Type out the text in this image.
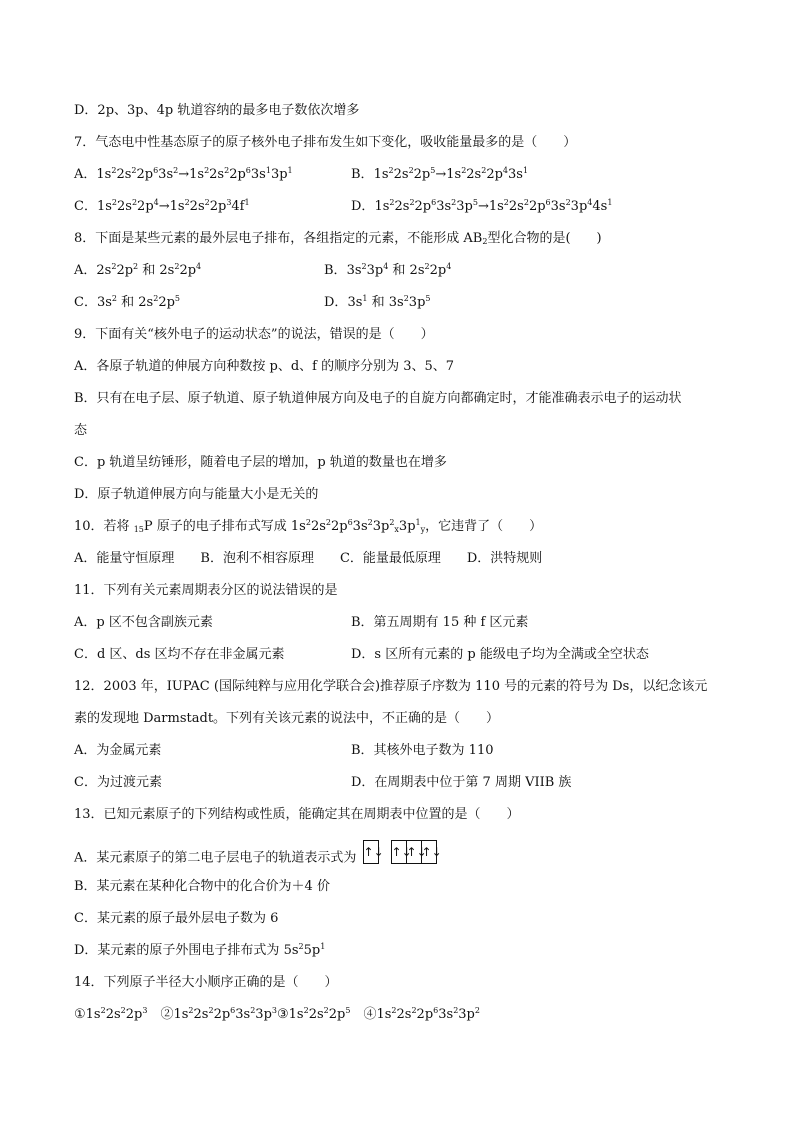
D．2p、3p、4p 轨道容纳的最多电子数依次增多
7．气态电中性基态原子的原子核外电子排布发生如下变化，吸收能量最多的是（　　）
A．$1s^22s^22p^63s^2\to 1s^22s^22p^63s^13p^1$	B．$1s^22s^22p^5\to 1s^22s^22p^43s^1$
C．$1s^22s^22p^4\to 1s^22s^22p^34f^1$	D．$1s^22s^22p^63s^23p^5\to 1s^22s^22p^63s^23p^44s^1$
8．下面是某些元素的最外层电子排布，各组指定的元素，不能形成 $AB_2$型化合物的是(　　)
A．$2s^22p^2$ 和 $2s^22p^4$	B．$3s^23p^4$ 和 $2s^22p^4$
C．$3s^2$ 和 $2s^22p^5$	D．$3s^1$ 和 $3s^23p^5$
9．下面有关“核外电子的运动状态”的说法，错误的是（　　）
A．各原子轨道的伸展方向种数按 p、d、f 的顺序分别为 3、5、7
B．只有在电子层、原子轨道、原子轨道伸展方向及电子的自旋方向都确定时，才能准确表示电子的运动状
态
C．p 轨道呈纺锤形，随着电子层的增加，p 轨道的数量也在增多
D．原子轨道伸展方向与能量大小是无关的
10．若将 $_{15}$P 原子的电子排布式写成 $1s^22s^22p^63s^23p^2_x3p^1_y$，它违背了（　　）
A．能量守恒原理　　B．泡利不相容原理　　C．能量最低原理　　D．洪特规则
11．下列有关元素周期表分区的说法错误的是
A．p 区不包含副族元素	B．第五周期有 15 种 f 区元素
C．d 区、ds 区均不存在非金属元素	D．s 区所有元素的 p 能级电子均为全满或全空状态
12．2003 年，IUPAC (国际纯粹与应用化学联合会)推荐原子序数为 110 号的元素的符号为 Ds，以纪念该元
素的发现地 Darmstadt。下列有关该元素的说法中，不正确的是（　　）
A．为金属元素	B．其核外电子数为 110
C．为过渡元素	D．在周期表中位于第 7 周期 VIIB 族
13．已知元素原子的下列结构或性质，能确定其在周期表中位置的是（　　）
A．某元素原子的第二电子层电子的轨道表示式为 ↑↓ ↑↓↑↓↑↓
B．某元素在某种化合物中的化合价为＋4 价
C．某元素的原子最外层电子数为 6
D．某元素的原子外围电子排布式为 $5s^25p^1$
14．下列原子半径大小顺序正确的是（　　）
$①1s^22s^22p^3$　 $②1s^22s^22p^63s^23p^3③1s^22s^22p^5$　 $④1s^22s^22p^63s^23p^2$
